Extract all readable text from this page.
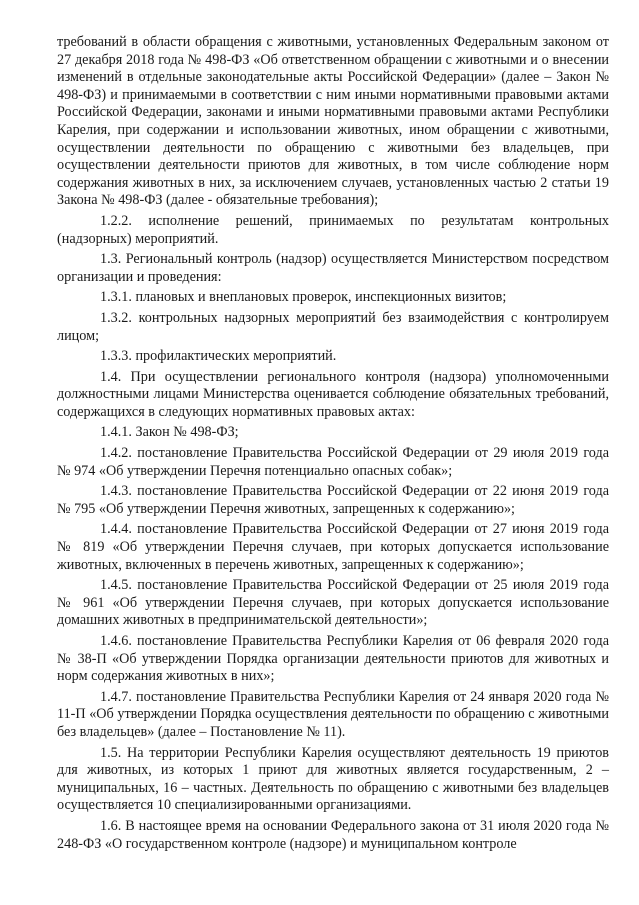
требований в области обращения с животными, установленных Федеральным законом от 27 декабря 2018 года № 498-ФЗ «Об ответственном обращении с животными и о внесении изменений в отдельные законодательные акты Российской Федерации» (далее – Закон № 498-ФЗ) и принимаемыми в соответствии с ним иными нормативными правовыми актами Российской Федерации, законами и иными нормативными правовыми актами Республики Карелия, при содержании и использовании животных, ином обращении с животными, осуществлении деятельности по обращению с животными без владельцев, при осуществлении деятельности приютов для животных, в том числе соблюдение норм содержания животных в них, за исключением случаев, установленных частью 2 статьи 19 Закона № 498-ФЗ (далее - обязательные требования);

1.2.2. исполнение решений, принимаемых по результатам контрольных (надзорных) мероприятий.

1.3. Региональный контроль (надзор) осуществляется Министерством посредством организации и проведения:

1.3.1. плановых и внеплановых проверок, инспекционных визитов;

1.3.2. контрольных надзорных мероприятий без взаимодействия с контролируем лицом;

1.3.3. профилактических мероприятий.

1.4. При осуществлении регионального контроля (надзора) уполномоченными должностными лицами Министерства оценивается соблюдение обязательных требований, содержащихся в следующих нормативных правовых актах:

1.4.1. Закон № 498-ФЗ;

1.4.2. постановление Правительства Российской Федерации от 29 июля 2019 года № 974 «Об утверждении Перечня потенциально опасных собак»;

1.4.3. постановление Правительства Российской Федерации от 22 июня 2019 года № 795 «Об утверждении Перечня животных, запрещенных к содержанию»;

1.4.4. постановление Правительства Российской Федерации от 27 июня 2019 года № 819 «Об утверждении Перечня случаев, при которых допускается использование животных, включенных в перечень животных, запрещенных к содержанию»;

1.4.5. постановление Правительства Российской Федерации от 25 июля 2019 года № 961 «Об утверждении Перечня случаев, при которых допускается использование домашних животных в предпринимательской деятельности»;

1.4.6. постановление Правительства Республики Карелия от 06 февраля 2020 года № 38-П «Об утверждении Порядка организации деятельности приютов для животных и норм содержания животных в них»;

1.4.7. постановление Правительства Республики Карелия от 24 января 2020 года № 11-П «Об утверждении Порядка осуществления деятельности по обращению с животными без владельцев» (далее – Постановление № 11).

1.5. На территории Республики Карелия осуществляют деятельность 19 приютов для животных, из которых 1 приют для животных является государственным, 2 – муниципальных, 16 – частных. Деятельность по обращению с животными без владельцев осуществляется 10 специализированными организациями.

1.6. В настоящее время на основании Федерального закона от 31 июля 2020 года № 248-ФЗ «О государственном контроле (надзоре) и муниципальном контроле
